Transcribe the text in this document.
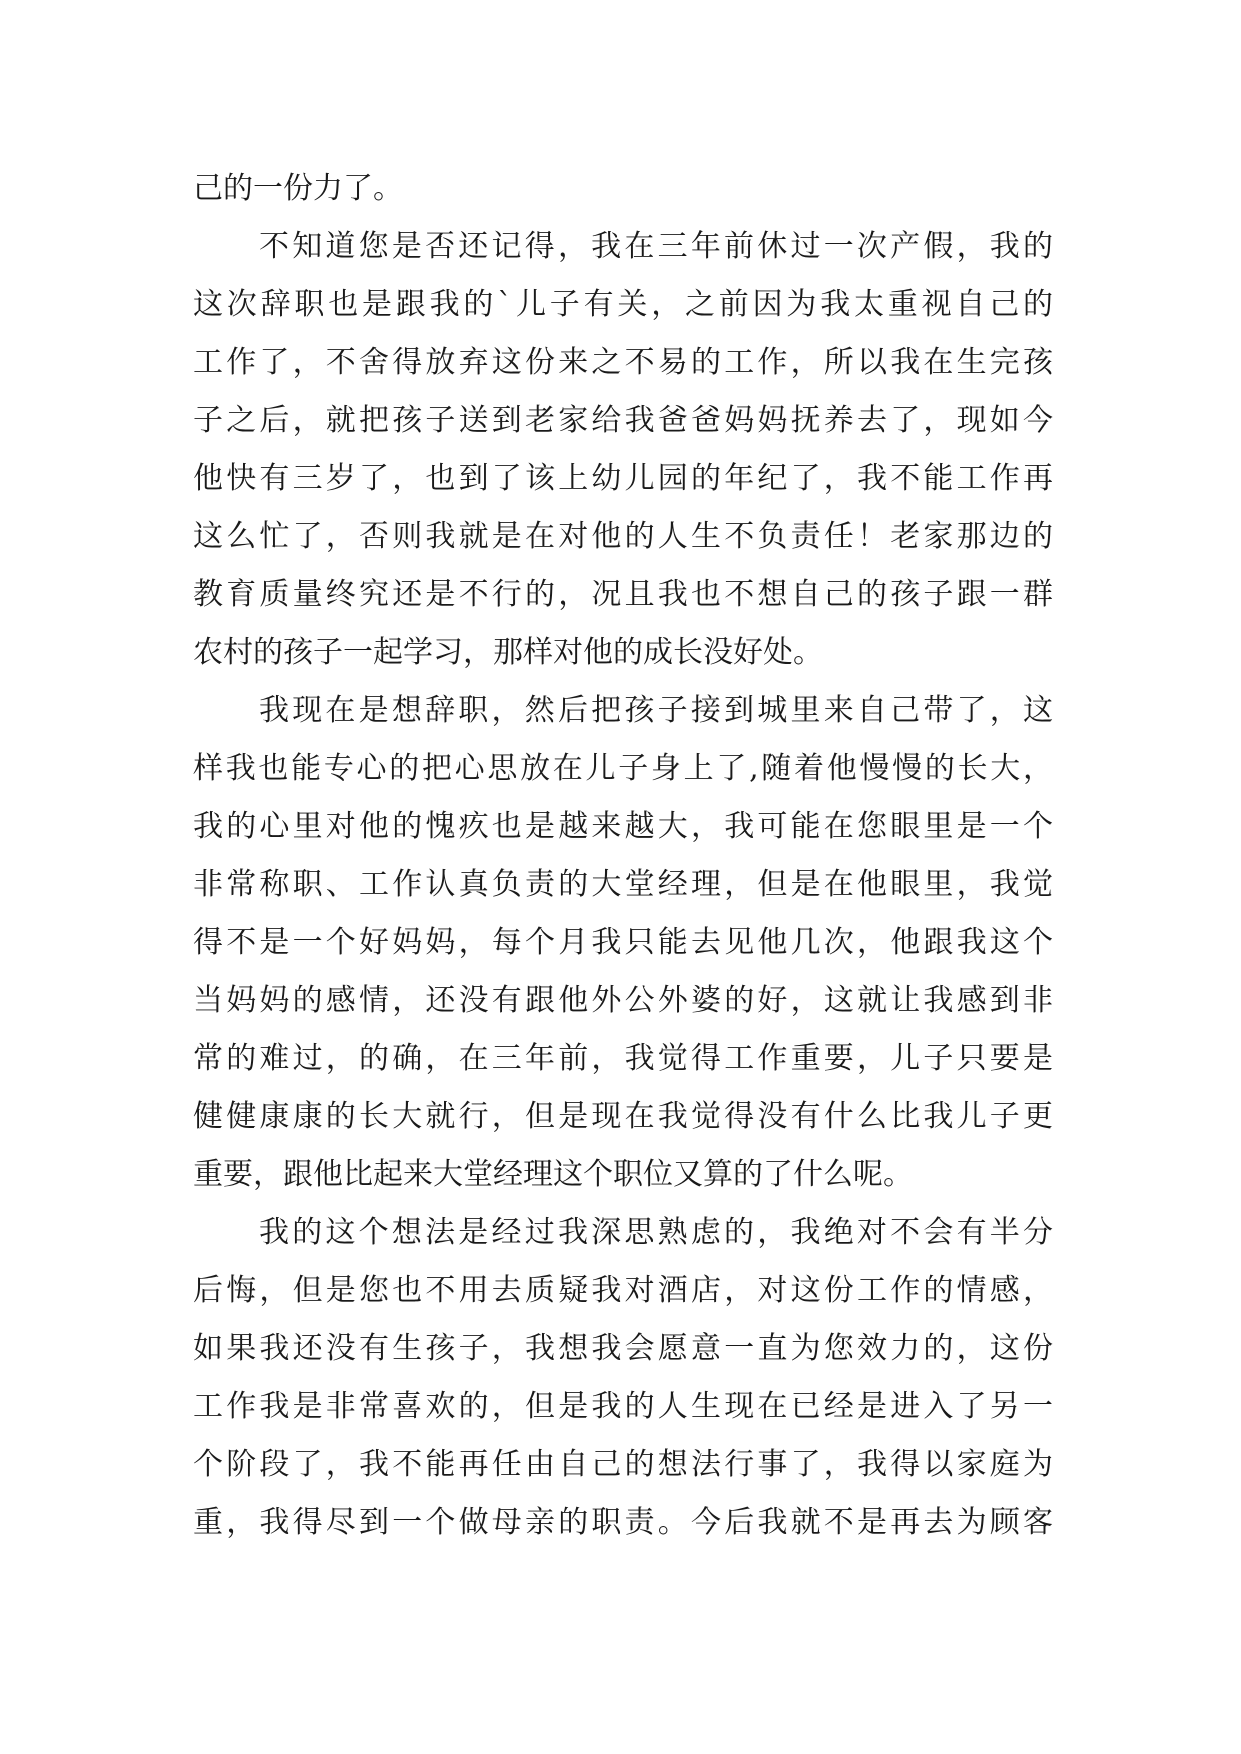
己的一份力了。
不知道您是否还记得，我在三年前休过一次产假，我的
这次辞职也是跟我的`儿子有关，之前因为我太重视自己的
工作了，不舍得放弃这份来之不易的工作，所以我在生完孩
子之后，就把孩子送到老家给我爸爸妈妈抚养去了，现如今
他快有三岁了，也到了该上幼儿园的年纪了，我不能工作再
这么忙了，否则我就是在对他的人生不负责任！老家那边的
教育质量终究还是不行的，况且我也不想自己的孩子跟一群
农村的孩子一起学习，那样对他的成长没好处。
我现在是想辞职，然后把孩子接到城里来自己带了，这
样我也能专心的把心思放在儿子身上了,随着他慢慢的长大，
我的心里对他的愧疚也是越来越大，我可能在您眼里是一个
非常称职、工作认真负责的大堂经理，但是在他眼里，我觉
得不是一个好妈妈，每个月我只能去见他几次，他跟我这个
当妈妈的感情，还没有跟他外公外婆的好，这就让我感到非
常的难过，的确，在三年前，我觉得工作重要，儿子只要是
健健康康的长大就行，但是现在我觉得没有什么比我儿子更
重要，跟他比起来大堂经理这个职位又算的了什么呢。
我的这个想法是经过我深思熟虑的，我绝对不会有半分
后悔，但是您也不用去质疑我对酒店，对这份工作的情感，
如果我还没有生孩子，我想我会愿意一直为您效力的，这份
工作我是非常喜欢的，但是我的人生现在已经是进入了另一
个阶段了，我不能再任由自己的想法行事了，我得以家庭为
重，我得尽到一个做母亲的职责。今后我就不是再去为顾客
